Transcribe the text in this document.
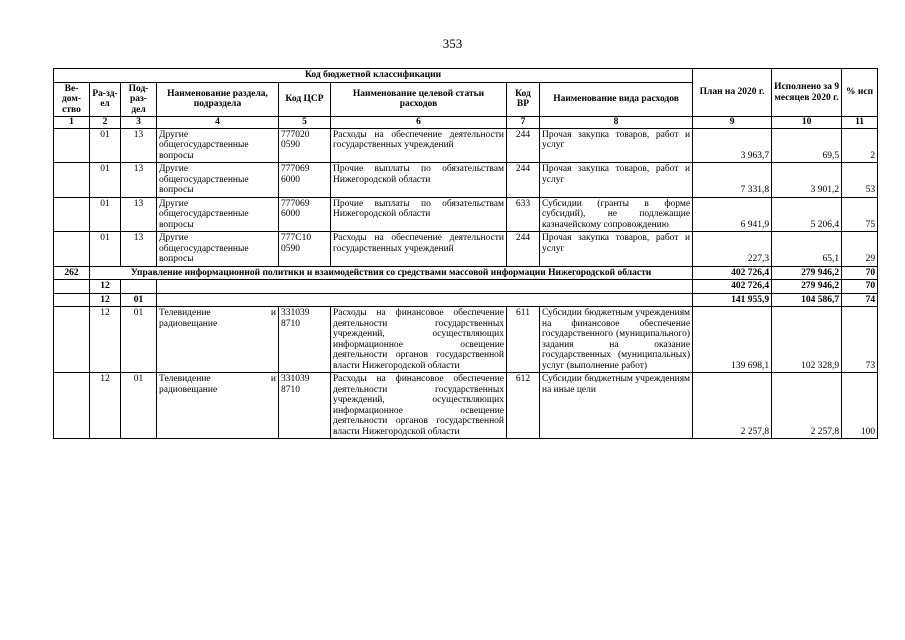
353
Код бюджетной классификации								План на 2020 г.	Исполнено за 9 месяцев 2020 г.	% исп
Ве-дом-ство	Ра-зд-ел	Под-раз-дел	Наименование раздела, подраздела	Код ЦСР	Наименование целевой статьи расходов	Код ВР	Наименование вида расходов			
1	2	3	4	5	6	7	8	9	10	11
	01	13	Другие общегосударственные вопросы	777020 0590	Расходы на обеспечение деятельности государственных учреждений	244	Прочая закупка товаров, работ и услуг	3 963,7	69,5	2
	01	13	Другие общегосударственные вопросы	777069 6000	Прочие выплаты по обязательствам Нижегородской области	244	Прочая закупка товаров, работ и услуг	7 331,8	3 901,2	53
	01	13	Другие общегосударственные вопросы	777069 6000	Прочие выплаты по обязательствам Нижегородской области	633	Субсидии (гранты в форме субсидий), не подлежащие казначейскому сопровождению	6 941,9	5 206,4	75
	01	13	Другие общегосударственные вопросы	777С10 0590	Расходы на обеспечение деятельности государственных учреждений	244	Прочая закупка товаров, работ и услуг	227,3	65,1	29
262	Управление информационной политики и взаимодействия со средствами массовой информации Нижегородской области							402 726,4	279 946,2	70
	12							402 726,4	279 946,2	70
	12	01						141 955,9	104 586,7	74
	12	01	Телевидение и радиовещание	331039 8710	Расходы на финансовое обеспечение деятельности государственных учреждений, осуществляющих информационное освещение деятельности органов государственной власти Нижегородской области	611	Субсидии бюджетным учреждениям на финансовое обеспечение государственного (муниципального) задания на оказание государственных (муниципальных) услуг (выполнение работ)	139 698,1	102 328,9	73
	12	01	Телевидение и радиовещание	331039 8710	Расходы на финансовое обеспечение деятельности государственных учреждений, осуществляющих информационное освещение деятельности органов государственной власти Нижегородской области	612	Субсидии бюджетным учреждениям на иные цели	2 257,8	2 257,8	100
